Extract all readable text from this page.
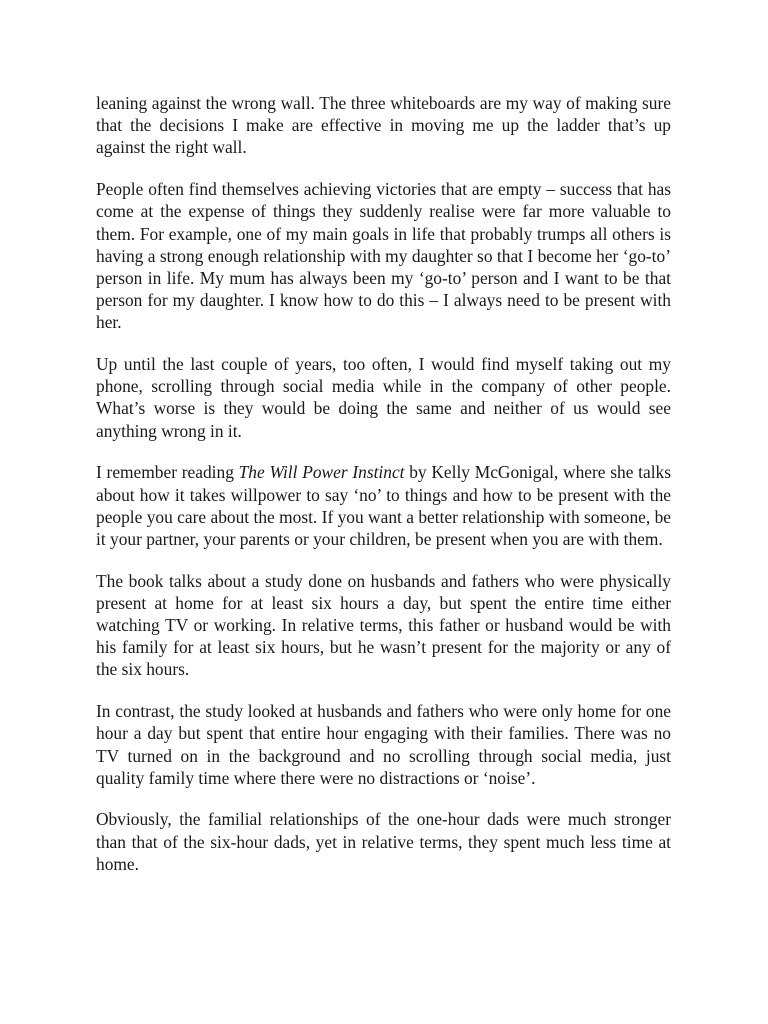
leaning against the wrong wall. The three whiteboards are my way of making sure that the decisions I make are effective in moving me up the ladder that’s up against the right wall.

People often find themselves achieving victories that are empty – success that has come at the expense of things they suddenly realise were far more valuable to them. For example, one of my main goals in life that probably trumps all others is having a strong enough relationship with my daughter so that I become her ‘go-to’ person in life. My mum has always been my ‘go-to’ person and I want to be that person for my daughter. I know how to do this – I always need to be present with her.

Up until the last couple of years, too often, I would find myself taking out my phone, scrolling through social media while in the company of other people. What’s worse is they would be doing the same and neither of us would see anything wrong in it.

I remember reading The Will Power Instinct by Kelly McGonigal, where she talks about how it takes willpower to say ‘no’ to things and how to be present with the people you care about the most. If you want a better relationship with someone, be it your partner, your parents or your children, be present when you are with them.

The book talks about a study done on husbands and fathers who were physically present at home for at least six hours a day, but spent the entire time either watching TV or working. In relative terms, this father or husband would be with his family for at least six hours, but he wasn’t present for the majority or any of the six hours.

In contrast, the study looked at husbands and fathers who were only home for one hour a day but spent that entire hour engaging with their families. There was no TV turned on in the background and no scrolling through social media, just quality family time where there were no distractions or ‘noise’.

Obviously, the familial relationships of the one-hour dads were much stronger than that of the six-hour dads, yet in relative terms, they spent much less time at home.
